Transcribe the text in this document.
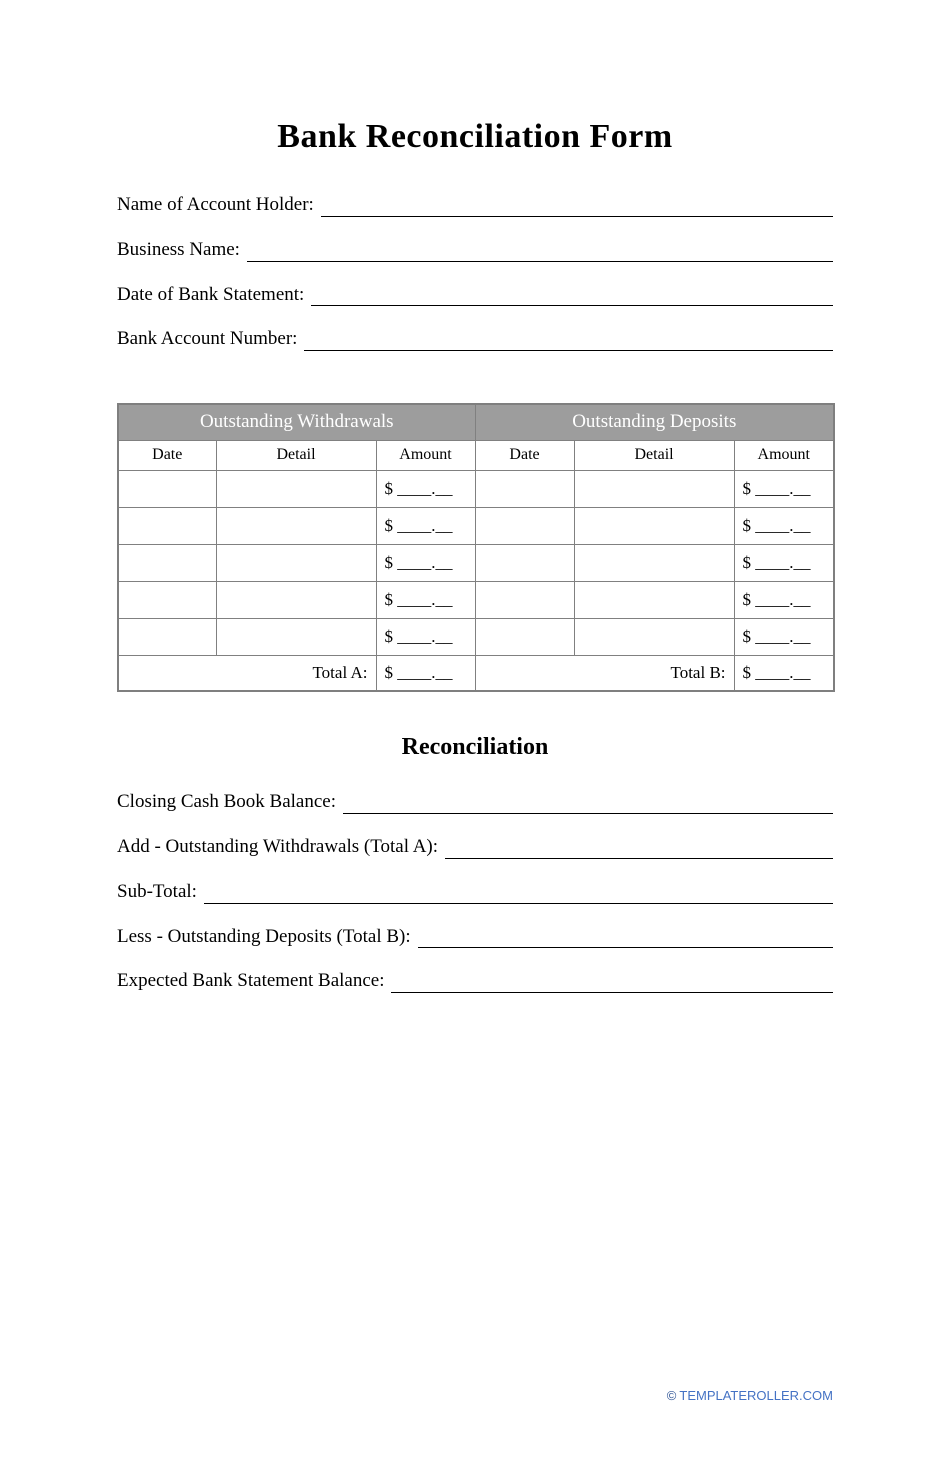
Bank Reconciliation Form
Name of Account Holder:
Business Name:
Date of Bank Statement:
Bank Account Number:
Outstanding Withdrawals			Outstanding Deposits		
Date	Detail	Amount	Date	Detail	Amount
		$ ____.__			$ ____.__
		$ ____.__			$ ____.__
		$ ____.__			$ ____.__
		$ ____.__			$ ____.__
		$ ____.__			$ ____.__
Total A:		$ ____.__	Total B:		$ ____.__
Reconciliation
Closing Cash Book Balance:
Add - Outstanding Withdrawals (Total A):
Sub-Total:
Less - Outstanding Deposits (Total B):
Expected Bank Statement Balance:
© TEMPLATEROLLER.COM
